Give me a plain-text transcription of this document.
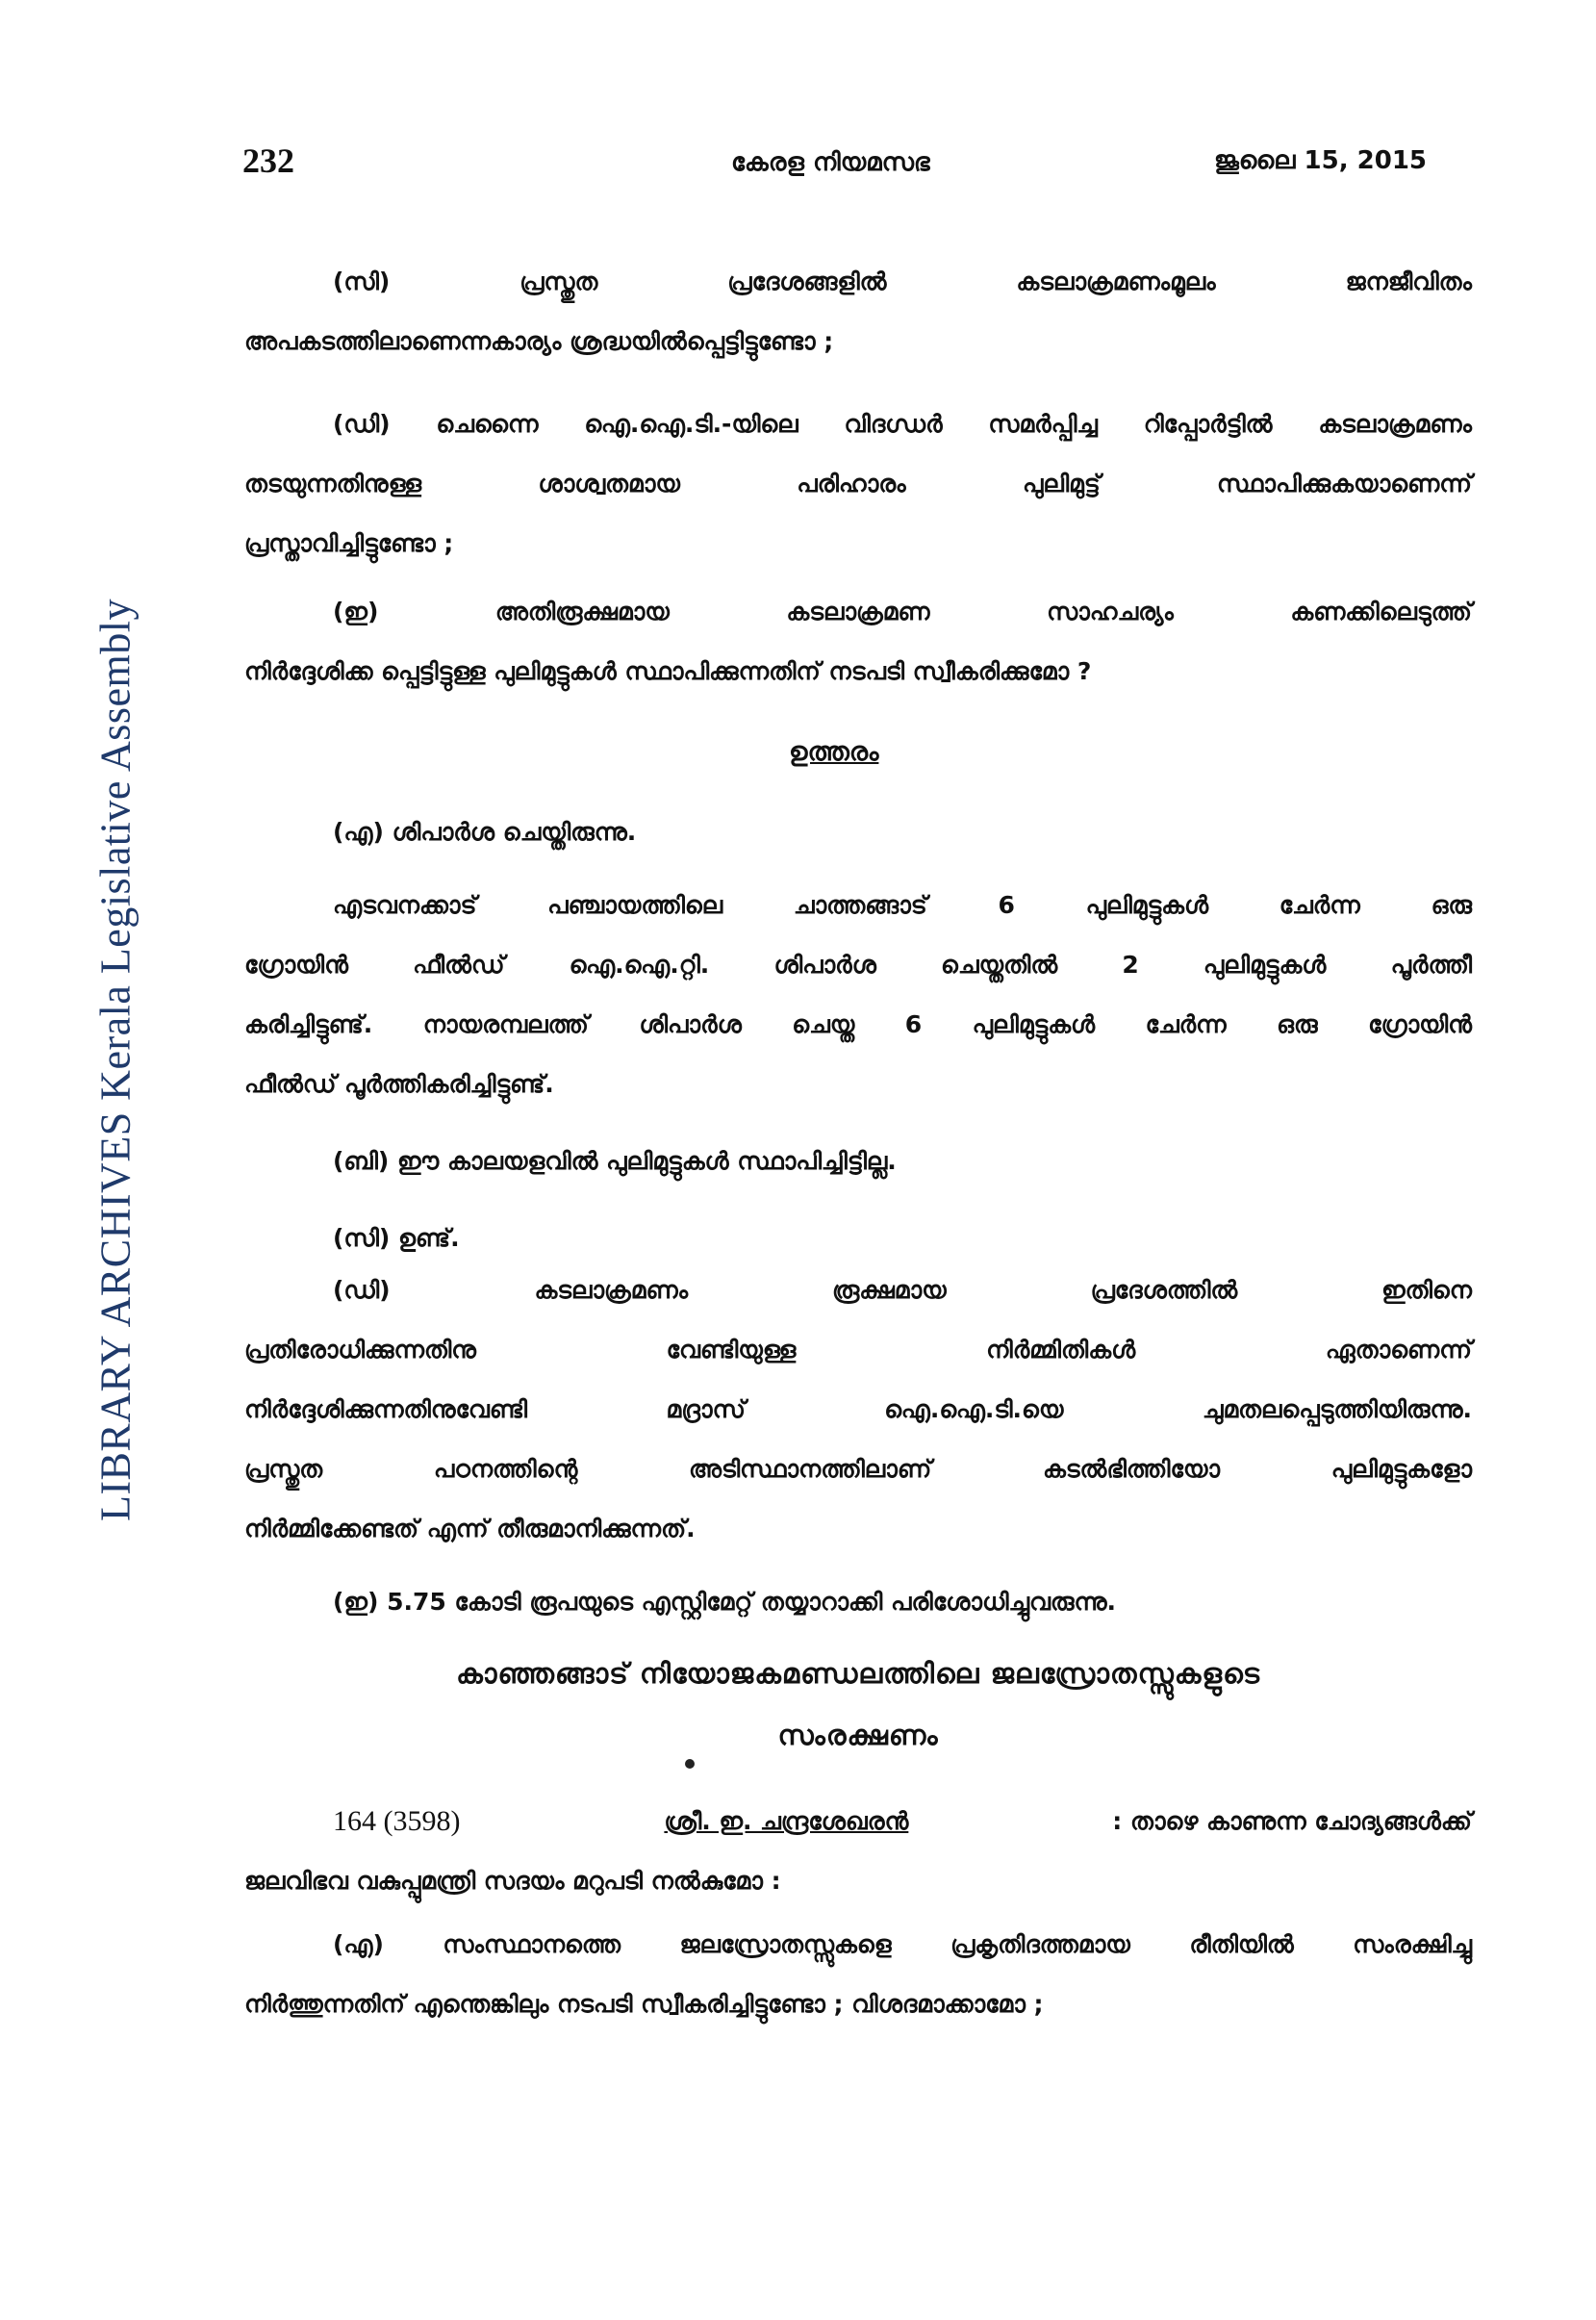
LIBRARY ARCHIVES Kerala Legislative Assembly
232	കേരള നിയമസഭ	ജൂലൈ 15, 2015
(സി)	പ്രസ്തുത	പ്രദേശങ്ങളിൽ	കടലാക്രമണംമൂലം	ജനജീവിതം
അപകടത്തിലാണെന്നകാര്യം ശ്രദ്ധയിൽപ്പെട്ടിട്ടുണ്ടോ ;
(ഡി) ചെന്നൈ ഐ.ഐ.ടി.-യിലെ വിദഗ്ധർ സമർപ്പിച്ച റിപ്പോർട്ടിൽ കടലാക്രമണം
തടയുന്നതിനുള്ള ശാശ്വതമായ പരിഹാരം പുലിമുട്ട് സ്ഥാപിക്കുകയാണെന്ന്
പ്രസ്താവിച്ചിട്ടുണ്ടോ ;
(ഇ)	അതിരൂക്ഷമായ	കടലാക്രമണ	സാഹചര്യം	കണക്കിലെടുത്ത്
നിർദ്ദേശിക്ക പ്പെട്ടിട്ടുള്ള പുലിമുട്ടുകൾ സ്ഥാപിക്കുന്നതിന് നടപടി സ്വീകരിക്കുമോ ?
ഉത്തരം
(എ) ശിപാർശ ചെയ്തിരുന്നു.
എടവനക്കാട് പഞ്ചായത്തിലെ ചാത്തങ്ങാട് 6 പുലിമുട്ടുകൾ ചേർന്ന ഒരു
ഗ്രോയിൻ ഫീൽഡ് ഐ.ഐ.റ്റി. ശിപാർശ ചെയ്തതിൽ 2 പുലിമുട്ടുകൾ പൂർത്തീ
കരിച്ചിട്ടുണ്ട്. നായരമ്പലത്ത് ശിപാർശ ചെയ്ത 6 പുലിമുട്ടുകൾ ചേർന്ന ഒരു ഗ്രോയിൻ
ഫീൽഡ് പൂർത്തികരിച്ചിട്ടുണ്ട്.
(ബി) ഈ കാലയളവിൽ പുലിമുട്ടുകൾ സ്ഥാപിച്ചിട്ടില്ല.
(സി) ഉണ്ട്.
(ഡി)	കടലാക്രമണം	രൂക്ഷമായ	പ്രദേശത്തിൽ	ഇതിനെ
പ്രതിരോധിക്കുന്നതിനു വേണ്ടിയുള്ള നിർമ്മിതികൾ ഏതാണെന്ന്
നിർദ്ദേശിക്കുന്നതിനുവേണ്ടി മദ്രാസ് ഐ.ഐ.ടി.യെ ചുമതലപ്പെടുത്തിയിരുന്നു.
പ്രസ്തുത പഠനത്തിന്റെ അടിസ്ഥാനത്തിലാണ് കടൽഭിത്തിയോ പുലിമുട്ടുകളോ
നിർമ്മിക്കേണ്ടത് എന്ന് തീരുമാനിക്കുന്നത്.
(ഇ) 5.75 കോടി രൂപയുടെ എസ്റ്റിമേറ്റ് തയ്യാറാക്കി പരിശോധിച്ചുവരുന്നു.
കാഞ്ഞങ്ങാട് നിയോജകമണ്ഡലത്തിലെ ജലസ്രോതസ്സുകളുടെ
സംരക്ഷണം
164 (3598)	ശ്രീ. ഇ. ചന്ദ്രശേഖരൻ	: താഴെ കാണുന്ന ചോദ്യങ്ങൾക്ക്
ജലവിഭവ വകുപ്പുമന്ത്രി സദയം മറുപടി നൽകുമോ :
(എ) സംസ്ഥാനത്തെ ജലസ്രോതസ്സുകളെ പ്രകൃതിദത്തമായ രീതിയിൽ സംരക്ഷിച്ചു
നിർത്തുന്നതിന് എന്തെങ്കിലും നടപടി സ്വീകരിച്ചിട്ടുണ്ടോ ; വിശദമാക്കാമോ ;
